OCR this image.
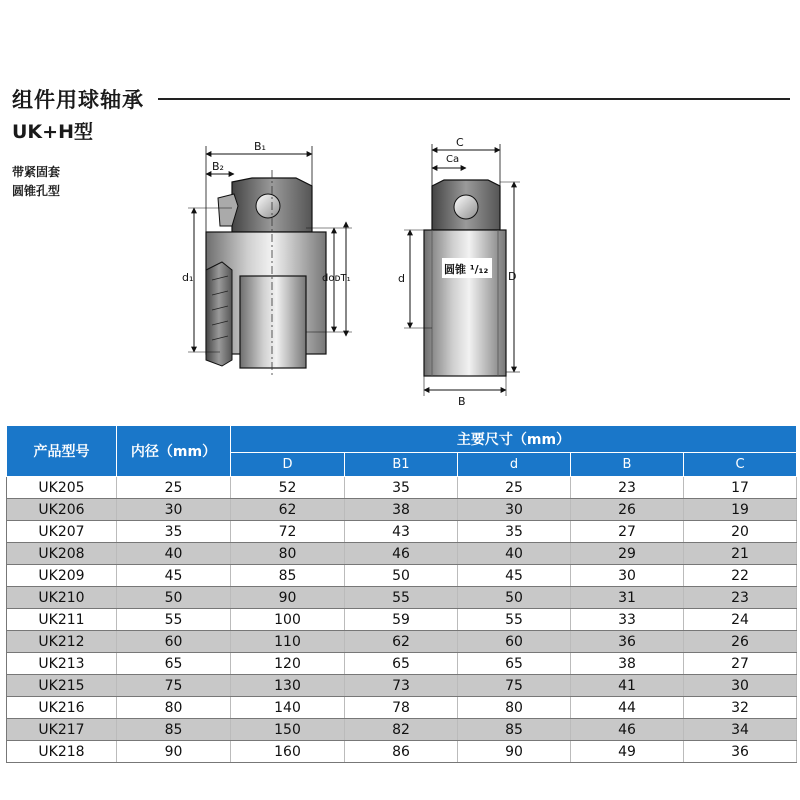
组件用球轴承
UK+H型
带紧固套
圆锥孔型
B₁
B₂
d₁	doᴅT₁
圆锥 ¹/₁₂
C
Ca
d	D
B
产品型号	内径（mm）	主要尺寸（mm）				
		D	B1	d	B	C
UK205	25	52	35	25	23	17
UK206	30	62	38	30	26	19
UK207	35	72	43	35	27	20
UK208	40	80	46	40	29	21
UK209	45	85	50	45	30	22
UK210	50	90	55	50	31	23
UK211	55	100	59	55	33	24
UK212	60	110	62	60	36	26
UK213	65	120	65	65	38	27
UK215	75	130	73	75	41	30
UK216	80	140	78	80	44	32
UK217	85	150	82	85	46	34
UK218	90	160	86	90	49	36
